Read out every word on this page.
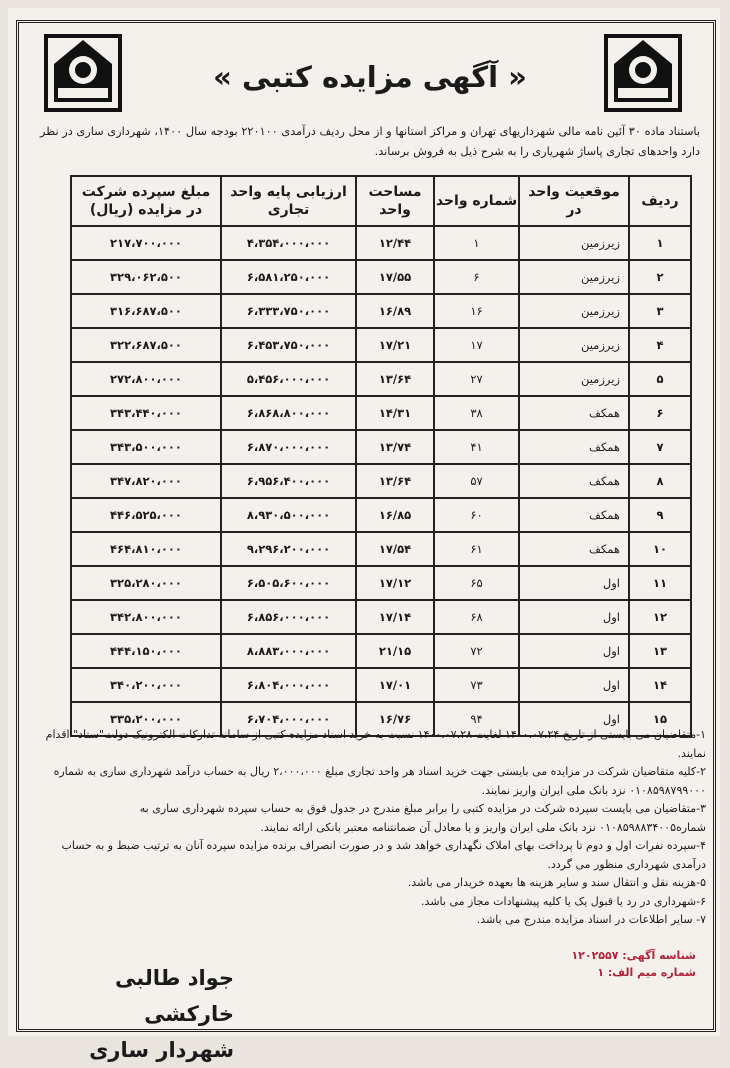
« آگهی مزایده کتبی »
باستناد ماده ۳۰ آئین نامه مالی شهرداریهای تهران و مراکز استانها و از محل ردیف درآمدی ۲۲۰۱۰۰ بودجه سال ۱۴۰۰، شهرداری ساری در نظر دارد واحدهای تجاری پاساژ شهریاری را به شرح ذیل به فروش برساند.
ردیف	موقعیت واحد در	شماره واحد	مساحت واحد	ارزیابی پایه واحد تجاری	مبلغ سپرده شرکت در مزایده (ریال)
۱	زیرزمین	۱	۱۲/۴۴	۴،۳۵۴،۰۰۰،۰۰۰	۲۱۷،۷۰۰،۰۰۰
۲	زیرزمین	۶	۱۷/۵۵	۶،۵۸۱،۲۵۰،۰۰۰	۳۲۹،۰۶۲،۵۰۰
۳	زیرزمین	۱۶	۱۶/۸۹	۶،۳۳۳،۷۵۰،۰۰۰	۳۱۶،۶۸۷،۵۰۰
۴	زیرزمین	۱۷	۱۷/۲۱	۶،۴۵۳،۷۵۰،۰۰۰	۳۲۲،۶۸۷،۵۰۰
۵	زیرزمین	۲۷	۱۳/۶۴	۵،۴۵۶،۰۰۰،۰۰۰	۲۷۲،۸۰۰،۰۰۰
۶	همکف	۳۸	۱۴/۳۱	۶،۸۶۸،۸۰۰،۰۰۰	۳۴۳،۴۴۰،۰۰۰
۷	همکف	۴۱	۱۳/۷۴	۶،۸۷۰،۰۰۰،۰۰۰	۳۴۳،۵۰۰،۰۰۰
۸	همکف	۵۷	۱۳/۶۴	۶،۹۵۶،۴۰۰،۰۰۰	۳۴۷،۸۲۰،۰۰۰
۹	همکف	۶۰	۱۶/۸۵	۸،۹۳۰،۵۰۰،۰۰۰	۴۴۶،۵۲۵،۰۰۰
۱۰	همکف	۶۱	۱۷/۵۴	۹،۲۹۶،۲۰۰،۰۰۰	۴۶۴،۸۱۰،۰۰۰
۱۱	اول	۶۵	۱۷/۱۲	۶،۵۰۵،۶۰۰،۰۰۰	۳۲۵،۲۸۰،۰۰۰
۱۲	اول	۶۸	۱۷/۱۴	۶،۸۵۶،۰۰۰،۰۰۰	۳۴۲،۸۰۰،۰۰۰
۱۳	اول	۷۲	۲۱/۱۵	۸،۸۸۳،۰۰۰،۰۰۰	۴۴۴،۱۵۰،۰۰۰
۱۴	اول	۷۳	۱۷/۰۱	۶،۸۰۴،۰۰۰،۰۰۰	۳۴۰،۲۰۰،۰۰۰
۱۵	اول	۹۴	۱۶/۷۶	۶،۷۰۴،۰۰۰،۰۰۰	۳۳۵،۲۰۰،۰۰۰

۱-متقاضیان می بایستی از تاریخ ۱۴۰۰،۰۷،۲۴ لغایت ۱۴۰۰،۰۷،۲۸ نسبت به خرید اسناد مزایده کتبی از سامانه تدارکات الکترونیک دولت"ستاد" اقدام نمایند.

۲-کلیه متقاضیان شرکت در مزایده می بایستی جهت خرید اسناد هر واحد تجاری مبلغ ۲،۰۰۰،۰۰۰ ریال به حساب درآمد شهرداری ساری به شماره ۰۱۰۸۵۹۸۷۹۹۰۰۰ نزد بانک ملی ایران واریز نمایند.

۳-متقاضیان می بایست سپرده شرکت در مزایده کتبی را برابر مبلغ مندرج در جدول فوق به حساب سپرده شهرداری ساری به شماره۰۱۰۸۵۹۸۸۳۴۰۰۵ نزد بانک ملی ایران واریز و یا معادل آن ضمانتنامه معتبر بانکی ارائه نمایند.

۴-سپرده نفرات اول و دوم تا پرداخت بهای املاک نگهداری خواهد شد و در صورت انصراف برنده مزایده سپرده آنان به ترتیب ضبط و به حساب درآمدی شهرداری منظور می گردد.

۵-هزینه نقل و انتقال سند و سایر هزینه ها بعهده خریدار می باشد.

۶-شهرداری در رد یا قبول یک یا کلیه پیشنهادات مجاز می باشد.

۷- سایر اطلاعات در اسناد مزایده مندرج می باشد.

شناسه آگهی: ۱۲۰۲۵۵۷
شماره میم الف: ۱
جواد طالبی خارکشی
شهردار ساری
